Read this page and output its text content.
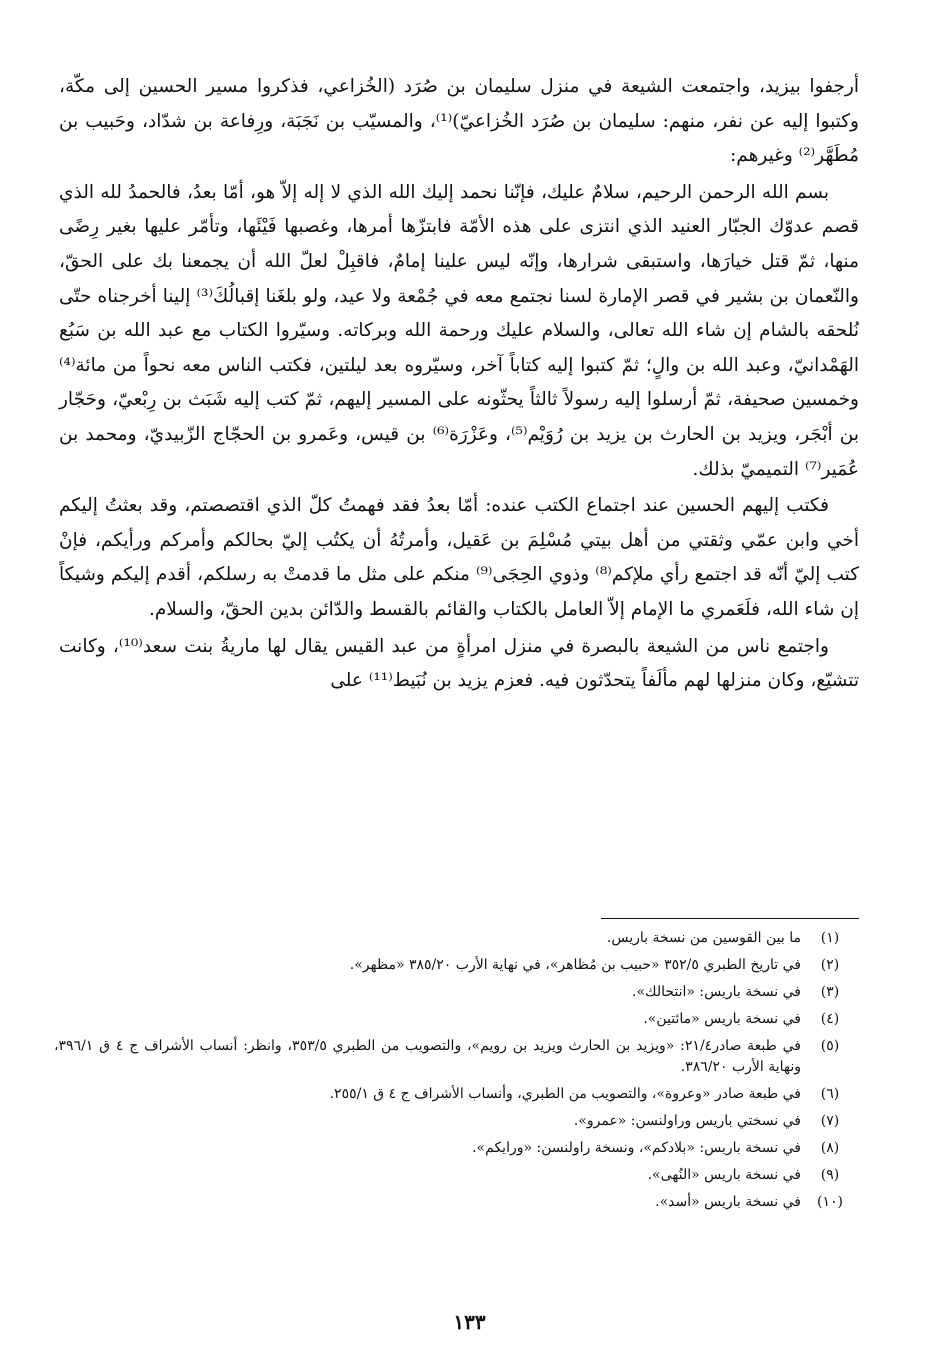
أرجفوا بيزيد، واجتمعت الشيعة في منزل سليمان بن صُرَد (الخُزاعي، فذكروا مسير الحسين إلى مكّة، وكتبوا إليه عن نفر، منهم: سليمان بن صُرَد الخُزاعيّ)⁽¹⁾، والمسيّب بن نَجَبَة، ورِفاعة بن شدّاد، وحَبيب بن مُطَهَّر⁽²⁾ وغيرهم:

بسم الله الرحمن الرحيم، سلامٌ عليك، فإنّنا نحمد إليك الله الذي لا إله إلاّ هو، أمّا بعدُ، فالحمدُ لله الذي قصم عدوّك الجبّار العنيد الذي انتزى على هذه الأمّة فابتزّها أمرها، وغصبها فَيْئَها، وتأمّر عليها بغير رِضًى منها، ثمّ قتل خيارَها، واستبقى شرارها، وإنّه ليس علينا إمامٌ، فاقبِلْ لعلّ الله أن يجمعنا بك على الحقّ، والنّعمان بن بشير في قصر الإمارة لسنا نجتمع معه في جُمْعة ولا عيد، ولو بلغَنا إقبالُكَ⁽³⁾ إلينا أخرجناه حتّى نُلحقه بالشام إن شاء الله تعالى، والسلام عليك ورحمة الله وبركاته. وسيّروا الكتاب مع عبد الله بن سَبُع الهَمْدانيّ، وعبد الله بن والٍ؛ ثمّ كتبوا إليه كتاباً آخر، وسيّروه بعد ليلتين، فكتب الناس معه نحواً من مائة⁽⁴⁾ وخمسين صحيفة، ثمّ أرسلوا إليه رسولاً ثالثاً يحثّونه على المسير إليهم، ثمّ كتب إليه شَبَث بن رِبْعيّ، وحَجّار بن أبْجَر، ويزيد بن الحارث بن يزيد بن رُوَيْم⁽⁵⁾، وعَزْرَة⁽⁶⁾ بن قيس، وعَمرو بن الحجّاج الزّبيديّ، ومحمد بن عُمَير⁽⁷⁾ التميميّ بذلك.

فكتب إليهم الحسين عند اجتماع الكتب عنده: أمّا بعدُ فقد فهمتُ كلّ الذي اقتصصتم، وقد بعثتُ إليكم أخي وابن عمّي وثقتي من أهل بيتي مُسْلِمَ بن عَقيل، وأمرتُهُ أن يكتُب إليّ بحالكم وأمركم ورأيكم، فإنْ كتب إليّ أنّه قد اجتمع رأي ملإكم⁽⁸⁾ وذوي الحِجَى⁽⁹⁾ منكم على مثل ما قدمتْ به رسلكم، أقدم إليكم وشيكاً إن شاء الله، فلَعَمري ما الإمام إلاّ العامل بالكتاب والقائم بالقسط والدّائن بدين الحقّ، والسلام.

واجتمع ناس من الشيعة بالبصرة في منزل امرأةٍ من عبد القيس يقال لها ماريةُ بنت سعد⁽¹⁰⁾، وكانت تتشيّع، وكان منزلها لهم مألَفاً يتحدّثون فيه. فعزم يزيد بن نُبَيط⁽¹¹⁾ على

(١)
ما بين القوسين من نسخة باريس.
(٢)
في تاريخ الطبري ٣٥٢/٥ «حبيب بن مُظاهر»، في نهاية الأرب ٣٨٥/٢٠ «مظهر».
(٣)
في نسخة باريس: «انتحالك».
(٤)
في نسخة باريس «مائتين».
(٥)
في طبعة صادر٢١/٤: «ويزيد بن الحارث ويزيد بن رويم»، والتصويب من الطبري ٣٥٣/٥، وانظر: أنساب الأشراف ج ٤ ق ٣٩٦/١، ونهاية الأرب ٣٨٦/٢٠.
(٦)
في طبعة صادر «وعروة»، والتصويب من الطبري، وأنساب الأشراف ج ٤ ق ٢٥٥/١.
(٧)
في نسختي باريس وراولنسن: «عمرو».
(٨)
في نسخة باريس: «بلادكم»، ونسخة راولنسن: «ورايكم».
(٩)
في نسخة باريس «النُهى».
(١٠)
في نسخة باريس «أسد».
١٣٣
